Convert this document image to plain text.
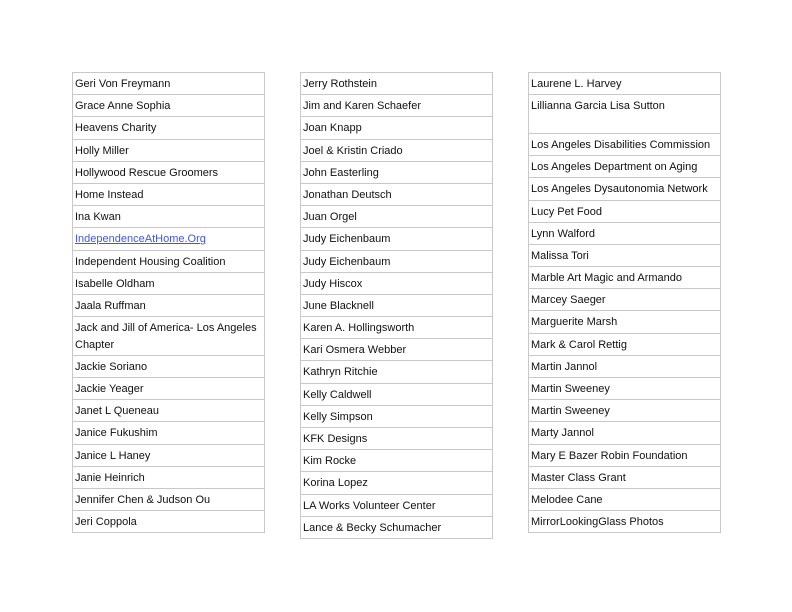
Geri Von Freymann
Grace Anne Sophia
Heavens Charity
Holly Miller
Hollywood Rescue Groomers
Home Instead
Ina Kwan
IndependenceAtHome.Org
Independent Housing Coalition
Isabelle Oldham
Jaala Ruffman
Jack and Jill of America- Los Angeles Chapter
Jackie Soriano
Jackie Yeager
Janet L Queneau
Janice Fukushim
Janice L Haney
Janie Heinrich
Jennifer Chen & Judson Ou
Jeri Coppola
Jerry Rothstein
Jim and Karen Schaefer
Joan Knapp
Joel & Kristin Criado
John Easterling
Jonathan Deutsch
Juan Orgel
Judy Eichenbaum
Judy Eichenbaum
Judy Hiscox
June Blacknell
Karen A. Hollingsworth
Kari Osmera Webber
Kathryn Ritchie
Kelly Caldwell
Kelly Simpson
KFK Designs
Kim Rocke
Korina Lopez
LA Works Volunteer Center
Lance & Becky Schumacher
Laurene L. Harvey
Lillianna Garcia Lisa Sutton
Los Angeles Disabilities Commission
Los Angeles Department on Aging
Los Angeles Dysautonomia Network
Lucy Pet Food
Lynn Walford
Malissa Tori
Marble Art Magic and Armando
Marcey Saeger
Marguerite Marsh
Mark & Carol Rettig
Martin Jannol
Martin Sweeney
Martin Sweeney
Marty Jannol
Mary E Bazer Robin Foundation
Master Class Grant
Melodee Cane
MirrorLookingGlass Photos
